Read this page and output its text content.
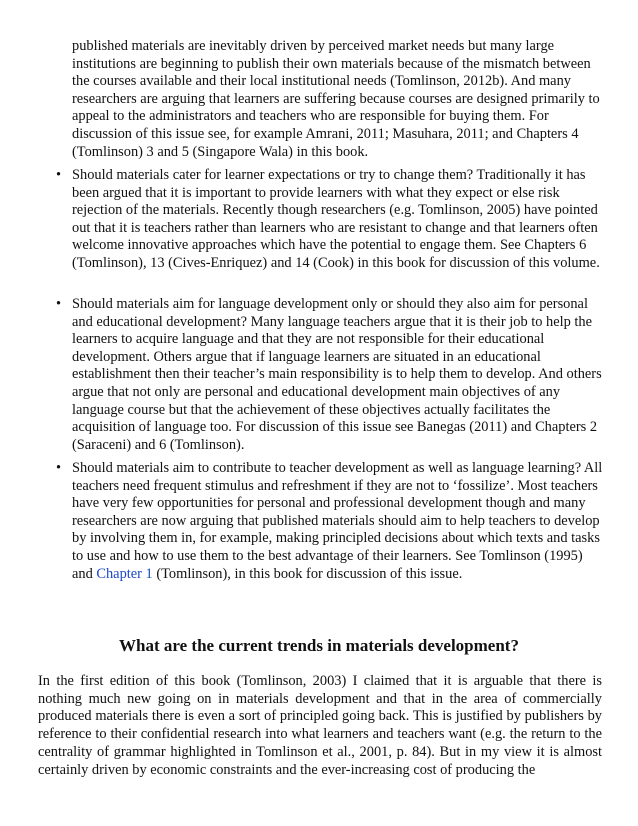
published materials are inevitably driven by perceived market needs but many large institutions are beginning to publish their own materials because of the mismatch between the courses available and their local institutional needs (Tomlinson, 2012b). And many researchers are arguing that learners are suffering because courses are designed primarily to appeal to the administrators and teachers who are responsible for buying them. For discussion of this issue see, for example Amrani, 2011; Masuhara, 2011; and Chapters 4 (Tomlinson) 3 and 5 (Singapore Wala) in this book.

• Should materials cater for learner expectations or try to change them? Traditionally it has been argued that it is important to provide learners with what they expect or else risk rejection of the materials. Recently though researchers (e.g. Tomlinson, 2005) have pointed out that it is teachers rather than learners who are resistant to change and that learners often welcome innovative approaches which have the potential to engage them. See Chapters 6 (Tomlinson), 13 (Cives-Enriquez) and 14 (Cook) in this book for discussion of this volume.
• Should materials aim for language development only or should they also aim for personal and educational development? Many language teachers argue that it is their job to help the learners to acquire language and that they are not responsible for their educational development. Others argue that if language learners are situated in an educational establishment then their teacher’s main responsibility is to help them to develop. And others argue that not only are personal and educational development main objectives of any language course but that the achievement of these objectives actually facilitates the acquisition of language too. For discussion of this issue see Banegas (2011) and Chapters 2 (Saraceni) and 6 (Tomlinson).
• Should materials aim to contribute to teacher development as well as language learning? All teachers need frequent stimulus and refreshment if they are not to ‘fossilize’. Most teachers have very few opportunities for personal and professional development though and many researchers are now arguing that published materials should aim to help teachers to develop by involving them in, for example, making principled decisions about which texts and tasks to use and how to use them to the best advantage of their learners. See Tomlinson (1995) and Chapter 1 (Tomlinson), in this book for discussion of this issue.
What are the current trends in materials development?

In the first edition of this book (Tomlinson, 2003) I claimed that it is arguable that there is nothing much new going on in materials development and that in the area of commercially produced materials there is even a sort of principled going back. This is justified by publishers by reference to their confidential research into what learners and teachers want (e.g. the return to the centrality of grammar highlighted in Tomlinson et al., 2001, p. 84). But in my view it is almost certainly driven by economic constraints and the ever-increasing cost of producing the
